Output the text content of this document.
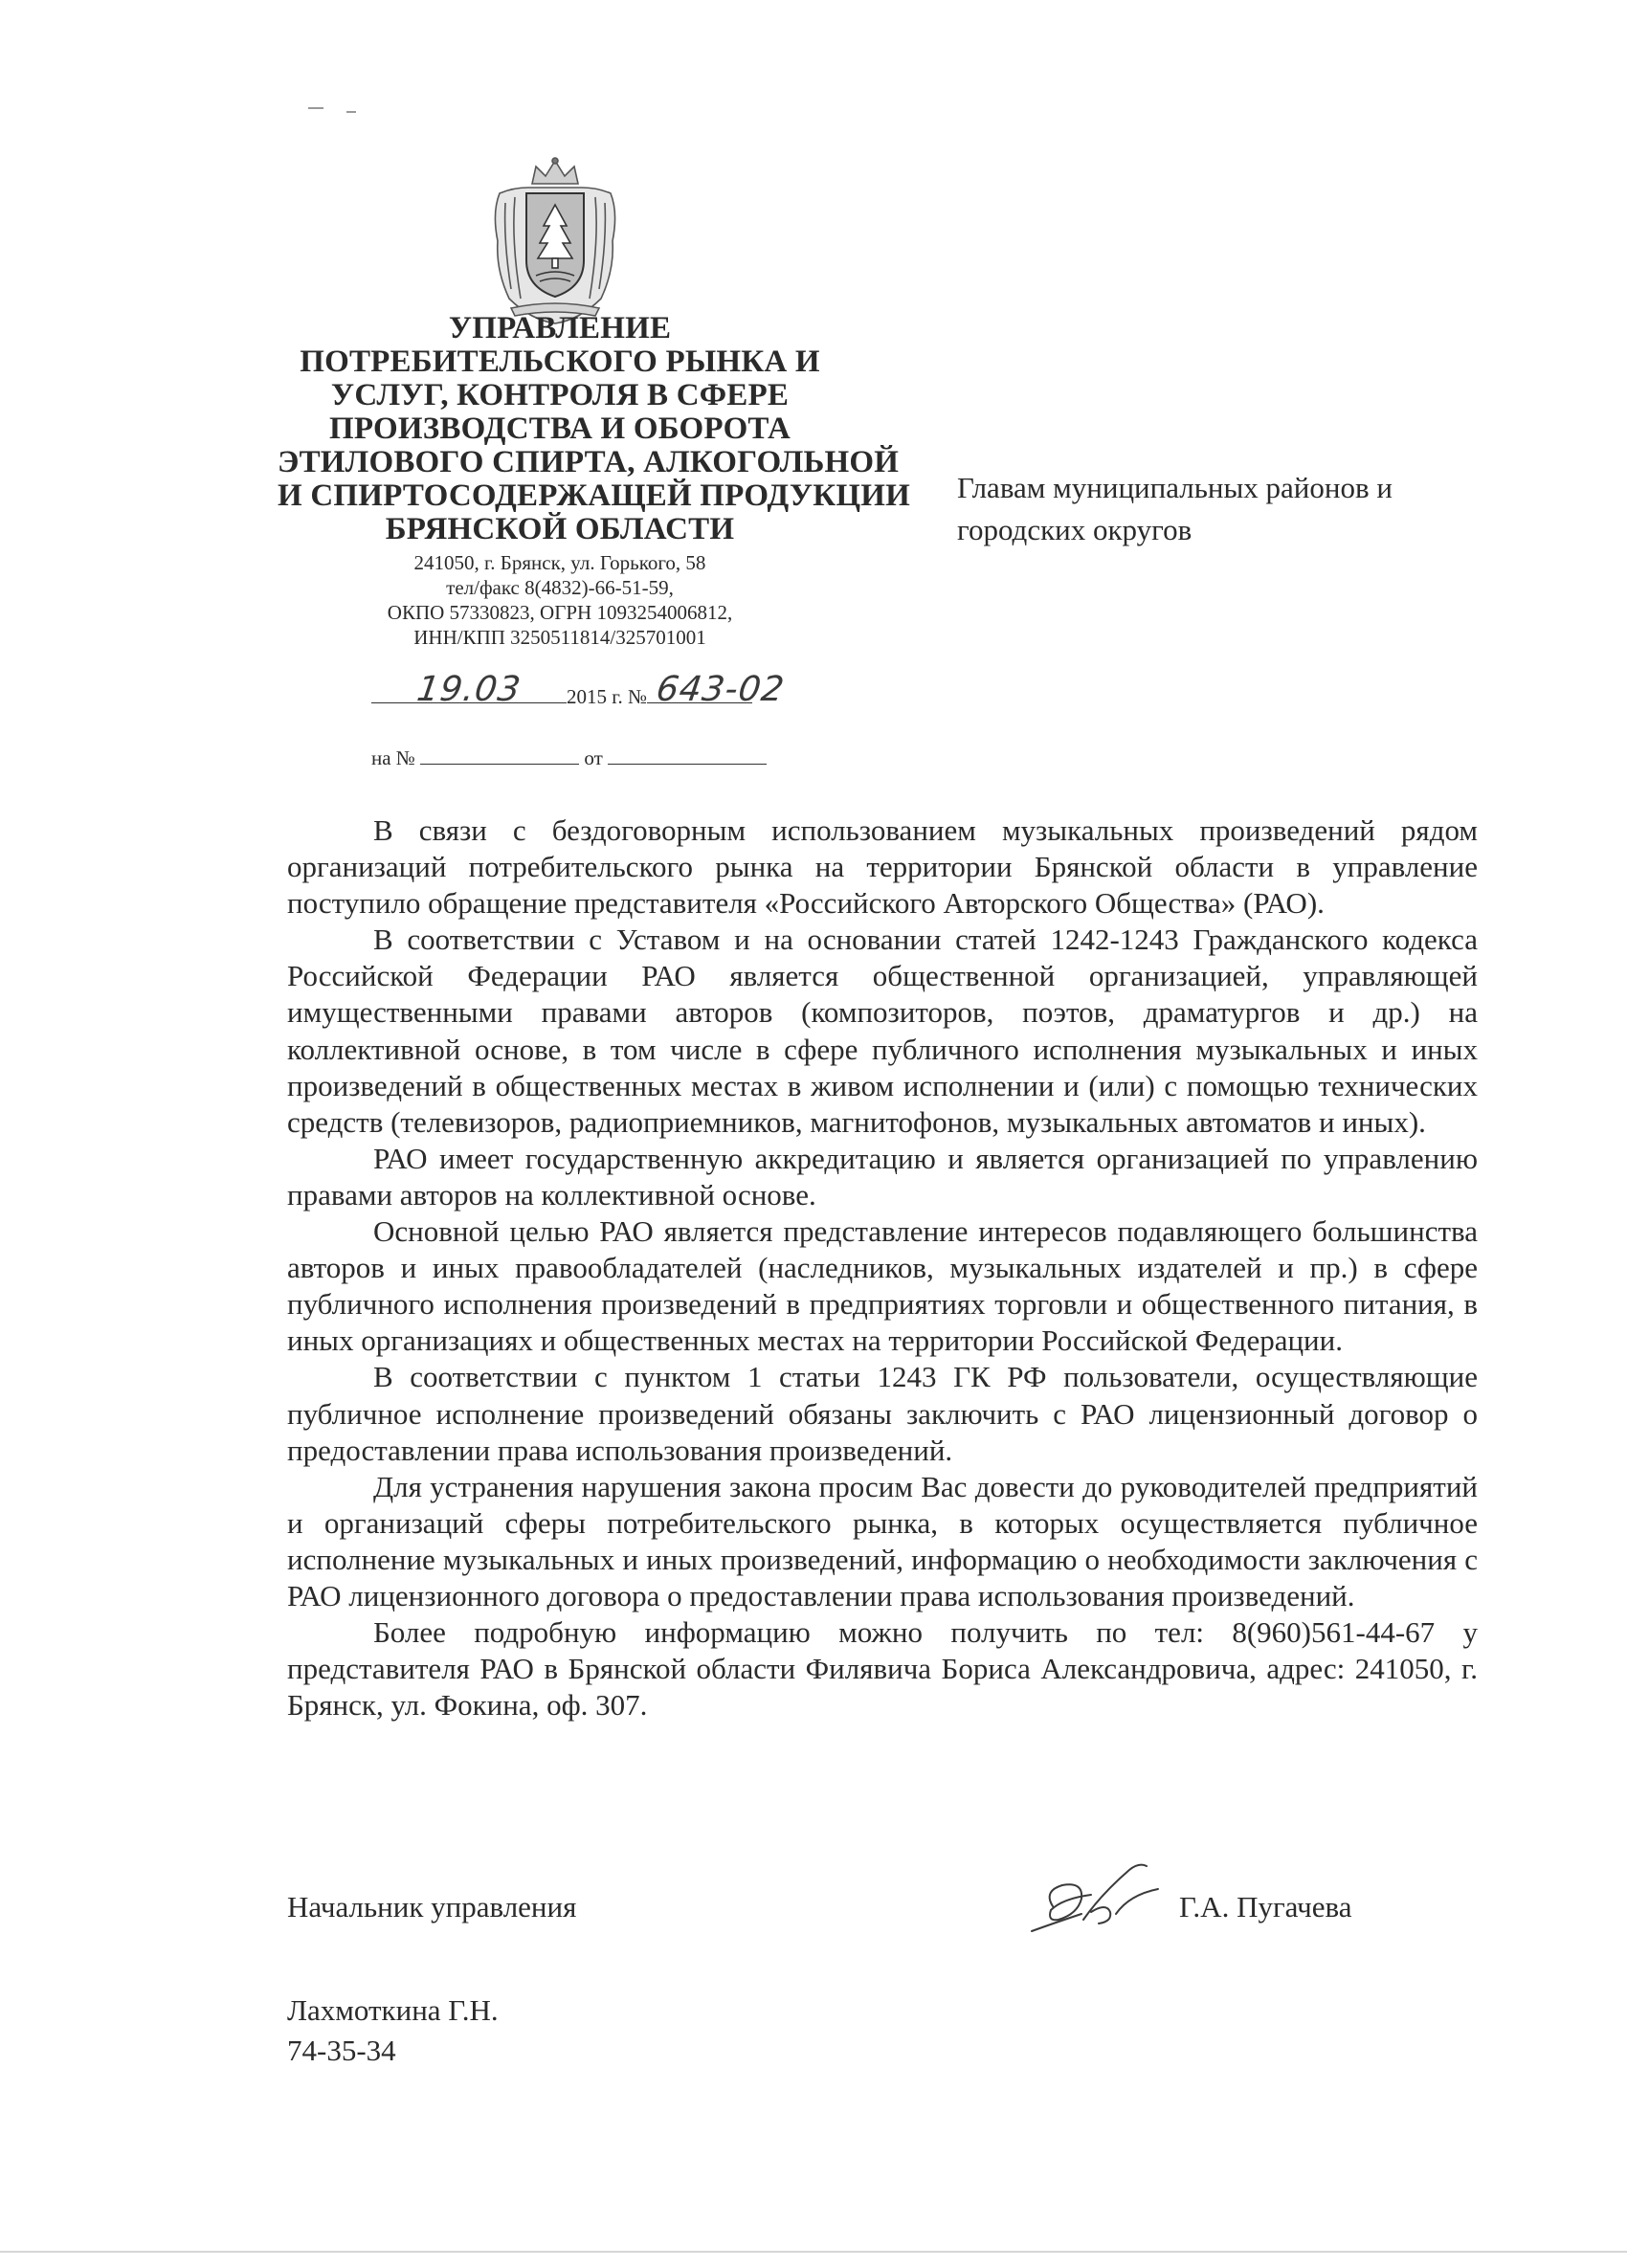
УПРАВЛЕНИЕ
ПОТРЕБИТЕЛЬСКОГО РЫНКА И
УСЛУГ, КОНТРОЛЯ В СФЕРЕ
ПРОИЗВОДСТВА И ОБОРОТА
ЭТИЛОВОГО СПИРТА, АЛКОГОЛЬНОЙ
И СПИРТОСОДЕРЖАЩЕЙ ПРОДУКЦИИ
БРЯНСКОЙ ОБЛАСТИ
241050, г. Брянск, ул. Горького, 58
тел/факс 8(4832)-66-51-59,
ОКПО 57330823, ОГРН 1093254006812,
ИНН/КПП 3250511814/325701001
Главам муниципальных районов и
городских округов
19.03	2015 г. № 643-02
на №	от

В связи с бездоговорным использованием музыкальных произведений рядом организаций потребительского рынка на территории Брянской области в управление поступило обращение представителя «Российского Авторского Общества» (РАО).

В соответствии с Уставом и на основании статей 1242-1243 Гражданского кодекса Российской Федерации РАО является общественной организацией, управляющей имущественными правами авторов (композиторов, поэтов, драматургов и др.) на коллективной основе, в том числе в сфере публичного исполнения музыкальных и иных произведений в общественных местах в живом исполнении и (или) с помощью технических средств (телевизоров, радиоприемников, магнитофонов, музыкальных автоматов и иных).

РАО имеет государственную аккредитацию и является организацией по управлению правами авторов на коллективной основе.

Основной целью РАО является представление интересов подавляющего большинства авторов и иных правообладателей (наследников, музыкальных издателей и пр.) в сфере публичного исполнения произведений в предприятиях торговли и общественного питания, в иных организациях и общественных местах на территории Российской Федерации.

В соответствии с пунктом 1 статьи 1243 ГК РФ пользователи, осуществляющие публичное исполнение произведений обязаны заключить с РАО лицензионный договор о предоставлении права использования произведений.

Для устранения нарушения закона просим Вас довести до руководителей предприятий и организаций сферы потребительского рынка, в которых осуществляется публичное исполнение музыкальных и иных произведений, информацию о необходимости заключения с РАО лицензионного договора о предоставлении права использования произведений.

Более подробную информацию можно получить по тел: 8(960)561-44-67 у представителя РАО в Брянской области Филявича Бориса Александровича, адрес: 241050, г. Брянск, ул. Фокина, оф. 307.

Начальник управления	Г.А. Пугачева
Лахмоткина Г.Н.
74-35-34
